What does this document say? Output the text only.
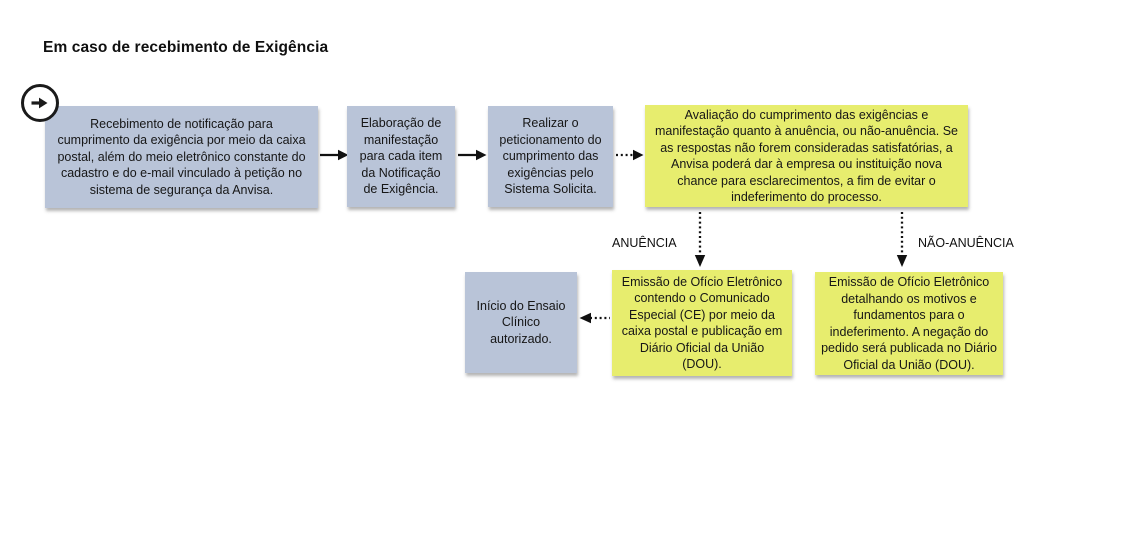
Em caso de recebimento de Exigência
Recebimento de notificação para cumprimento da exigência por meio da caixa postal, além do meio eletrônico constante do cadastro e do e-mail vinculado à petição no sistema de segurança da Anvisa.
Elaboração de manifestação para cada item da Notificação de Exigência.
Realizar o peticionamento do cumprimento das exigências pelo Sistema Solicita.
Avaliação do cumprimento das exigências e manifestação quanto à anuência, ou não-anuência. Se as respostas não forem consideradas satisfatórias, a Anvisa poderá dar à empresa ou instituição nova chance para esclarecimentos, a fim de evitar o indeferimento do processo.
ANUÊNCIA	NÃO-ANUÊNCIA
Início do Ensaio Clínico autorizado.
Emissão de Ofício Eletrônico contendo o Comunicado Especial (CE) por meio da caixa postal e publicação em Diário Oficial da União (DOU).
Emissão de Ofício Eletrônico detalhando os motivos e fundamentos para o indeferimento. A negação do pedido será publicada no Diário Oficial da União (DOU).
